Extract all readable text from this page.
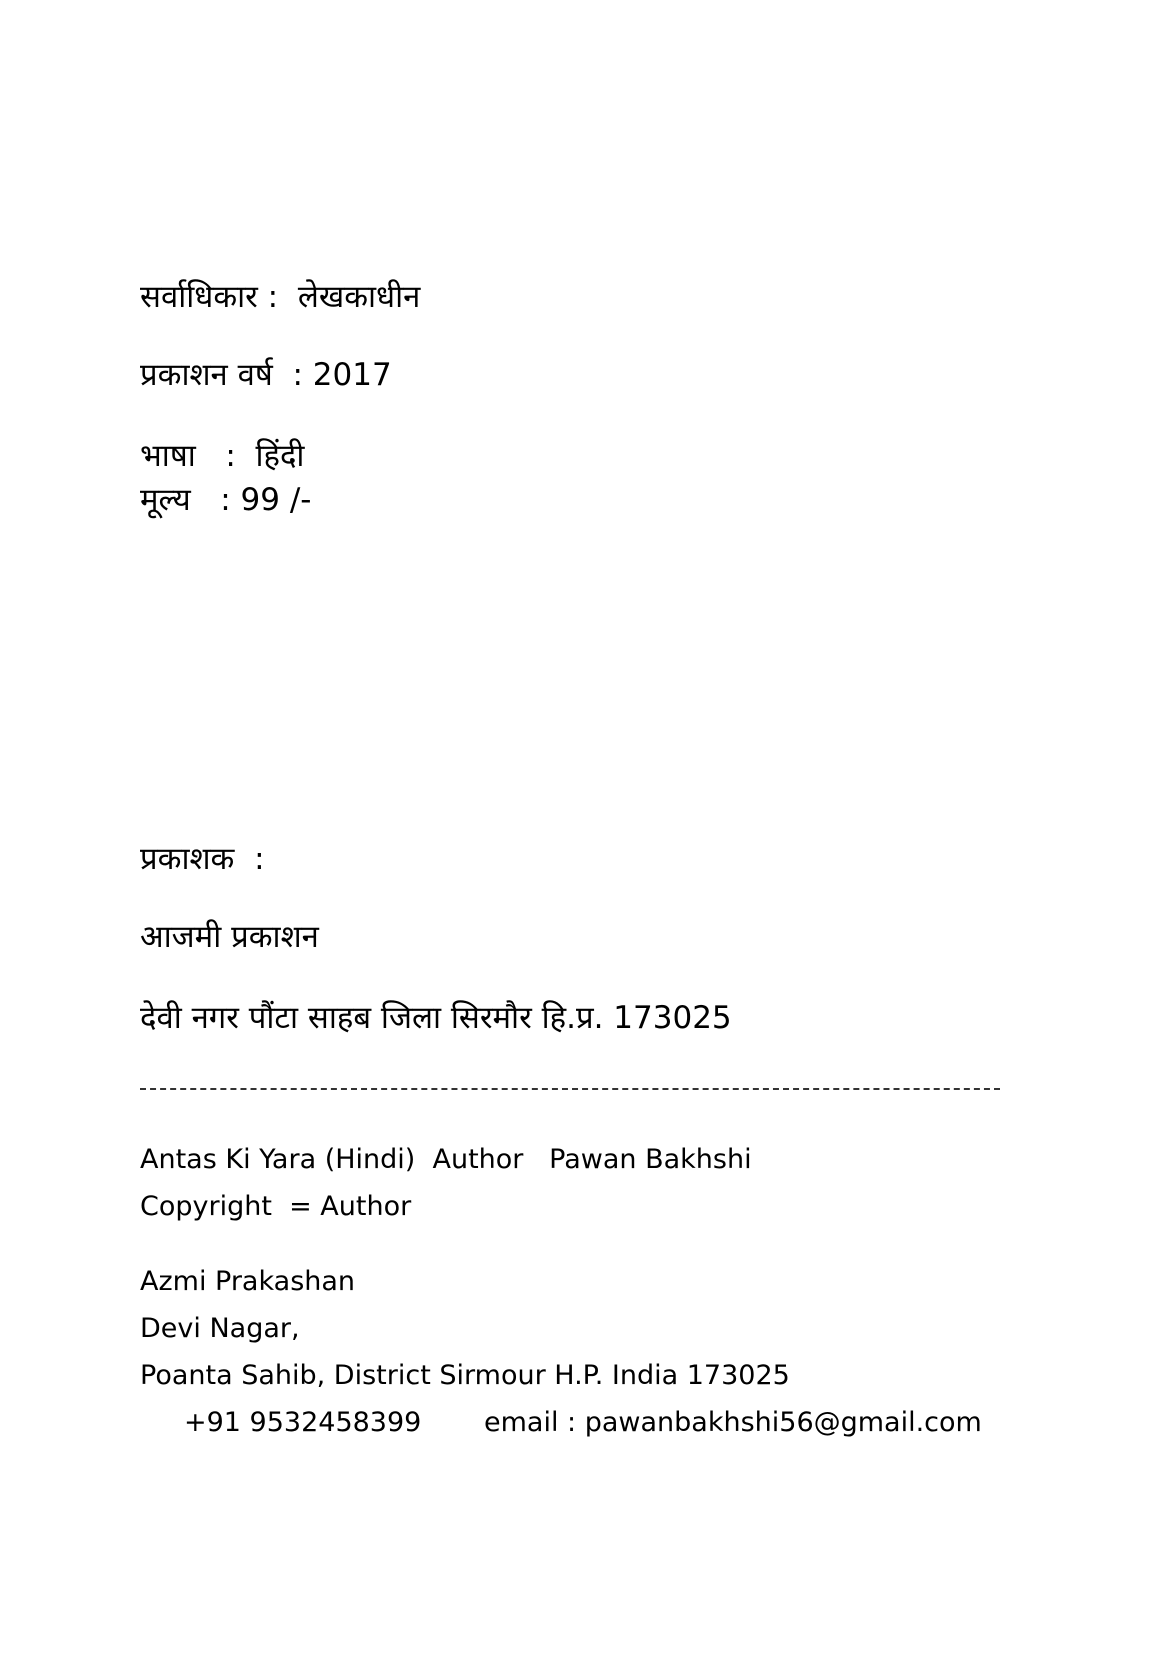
सर्वाधिकार :  लेखकाधीन
प्रकाशन वर्ष  : 2017
भाषा   :  हिंदी
मूल्य   : 99 /-
प्रकाशक  :
आजमी प्रकाशन
देवी नगर पौंटा साहब जिला सिरमौर हि.प्र. 173025
Antas Ki Yara (Hindi)  Author   Pawan Bakhshi
Copyright  = Author
Azmi Prakashan
Devi Nagar,
Poanta Sahib, District Sirmour H.P. India 173025
+91 9532458399 email : pawanbakhshi56@gmail.com
